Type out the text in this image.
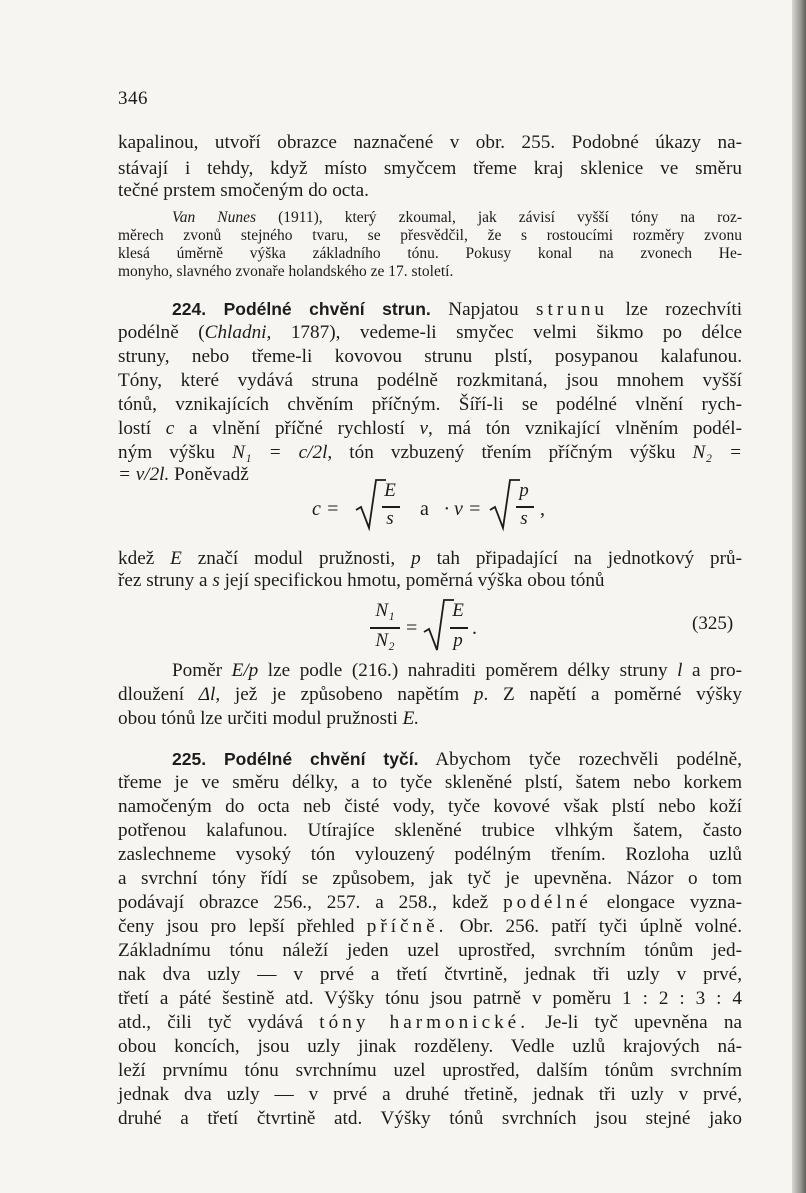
346
kapalinou, utvoří obrazce naznačené v obr. 255. Podobné úkazy na-
stávají i tehdy, když místo smyčcem třeme kraj sklenice ve směru
tečné prstem smočeným do octa.
Van Nunes (1911), který zkoumal, jak závisí vyšší tóny na roz-
měrech zvonů stejného tvaru, se přesvědčil, že s rostoucími rozměry zvonu
klesá úměrně výška základního tónu. Pokusy konal na zvonech He-
monyho, slavného zvonaře holandského ze 17. století.
224. Podélné chvění strun. Napjatou strunu lze rozechvíti
podélně (Chladni, 1787), vedeme-li smyčec velmi šikmo po délce
struny, nebo třeme-li kovovou strunu plstí, posypanou kalafunou.
Tóny, které vydává struna podélně rozkmitaná, jsou mnohem vyšší
tónů, vznikajících chvěním příčným. Šíří-li se podélné vlnění rych-
lostí c a vlnění příčné rychlostí v, má tón vznikající vlněním podél-
ným výšku N₁ = c/2l, tón vzbuzený třením příčným výšku N₂ =
= v/2l. Poněvadž
c =
E
s	a · v =
p
s ,
kdež E značí modul pružnosti, p tah připadající na jednotkový prů-
řez struny a s její specifickou hmotu, poměrná výška obou tónů
N₁
N₂
=
E
p
.	(325)
Poměr E/p lze podle (216.) nahraditi poměrem délky struny l a pro-
dloužení Δl, jež je způsobeno napětím p. Z napětí a poměrné výšky
obou tónů lze určiti modul pružnosti E.
225. Podélné chvění tyčí. Abychom tyče rozechvěli podélně,
třeme je ve směru délky, a to tyče skleněné plstí, šatem nebo korkem
namočeným do octa neb čisté vody, tyče kovové však plstí nebo koží
potřenou kalafunou. Utírajíce skleněné trubice vlhkým šatem, často
zaslechneme vysoký tón vylouzený podélným třením. Rozloha uzlů
a svrchní tóny řídí se způsobem, jak tyč je upevněna. Názor o tom
podávají obrazce 256., 257. a 258., kdež podélné elongace vyzna-
čeny jsou pro lepší přehled příčně. Obr. 256. patří tyči úplně volné.
Základnímu tónu náleží jeden uzel uprostřed, svrchním tónům jed-
nak dva uzly — v prvé a třetí čtvrtině, jednak tři uzly v prvé,
třetí a páté šestině atd. Výšky tónu jsou patrně v poměru 1 : 2 : 3 : 4
atd., čili tyč vydává tóny harmonické. Je-li tyč upevněna na
obou koncích, jsou uzly jinak rozděleny. Vedle uzlů krajových ná-
leží prvnímu tónu svrchnímu uzel uprostřed, dalším tónům svrchním
jednak dva uzly — v prvé a druhé třetině, jednak tři uzly v prvé,
druhé a třetí čtvrtině atd. Výšky tónů svrchních jsou stejné jako
